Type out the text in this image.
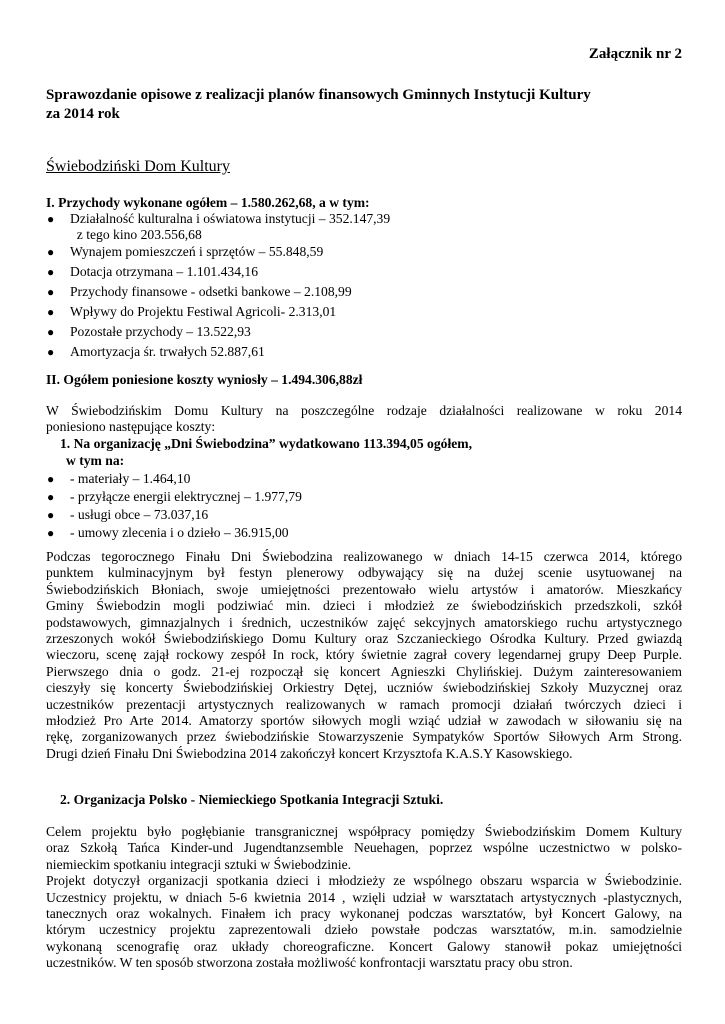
Załącznik nr 2
Sprawozdanie opisowe z realizacji planów finansowych Gminnych Instytucji Kultury
za 2014 rok
Świebodziński Dom Kultury
I. Przychody wykonane ogółem – 1.580.262,68, a w tym:
● Działalność kulturalna i oświatowa instytucji – 352.147,39
z tego kino 203.556,68
● Wynajem pomieszczeń i sprzętów – 55.848,59
● Dotacja otrzymana – 1.101.434,16
● Przychody finansowe - odsetki bankowe – 2.108,99
● Wpływy do Projektu Festiwal Agricoli- 2.313,01
● Pozostałe przychody – 13.522,93
● Amortyzacja śr. trwałych 52.887,61
II. Ogółem poniesione koszty wyniosły – 1.494.306,88zł
W Świebodzińskim Domu Kultury na poszczególne rodzaje działalności realizowane w roku 2014
poniesiono następujące koszty:
1. Na organizację „Dni Świebodzina” wydatkowano 113.394,05 ogółem,
w tym na:
● - materiały – 1.464,10
● - przyłącze energii elektrycznej – 1.977,79
● - usługi obce – 73.037,16
● - umowy zlecenia i o dzieło – 36.915,00
Podczas tegorocznego Finału Dni Świebodzina realizowanego w dniach 14-15 czerwca 2014, którego
punktem kulminacyjnym był festyn plenerowy odbywający się na dużej scenie usytuowanej na
Świebodzińskich Błoniach, swoje umiejętności prezentowało wielu artystów i amatorów. Mieszkańcy
Gminy Świebodzin mogli podziwiać min. dzieci i młodzież ze świebodzińskich przedszkoli, szkół
podstawowych, gimnazjalnych i średnich, uczestników zajęć sekcyjnych amatorskiego ruchu artystycznego
zrzeszonych wokół Świebodzińskiego Domu Kultury oraz Szczanieckiego Ośrodka Kultury. Przed gwiazdą
wieczoru, scenę zajął rockowy zespół In rock, który świetnie zagrał covery legendarnej grupy Deep Purple.
Pierwszego dnia o godz. 21-ej rozpoczął się koncert Agnieszki Chylińskiej. Dużym zainteresowaniem
cieszyły się koncerty Świebodzińskiej Orkiestry Dętej, uczniów świebodzińskiej Szkoły Muzycznej oraz
uczestników prezentacji artystycznych realizowanych w ramach promocji działań twórczych dzieci i
młodzież Pro Arte 2014. Amatorzy sportów siłowych mogli wziąć udział w zawodach w siłowaniu się na
rękę, zorganizowanych przez świebodzińskie Stowarzyszenie Sympatyków Sportów Siłowych Arm Strong.
Drugi dzień Finału Dni Świebodzina 2014 zakończył koncert Krzysztofa K.A.S.Y Kasowskiego.
2. Organizacja Polsko - Niemieckiego Spotkania Integracji Sztuki.
Celem projektu było pogłębianie transgranicznej współpracy pomiędzy Świebodzińskim Domem Kultury
oraz Szkołą Tańca Kinder-und Jugendtanzsemble Neuehagen, poprzez wspólne uczestnictwo w polsko-
niemieckim spotkaniu integracji sztuki w Świebodzinie.
Projekt dotyczył organizacji spotkania dzieci i młodzieży ze wspólnego obszaru wsparcia w Świebodzinie.
Uczestnicy projektu, w dniach 5-6 kwietnia 2014 , wzięli udział w warsztatach artystycznych -plastycznych,
tanecznych oraz wokalnych. Finałem ich pracy wykonanej podczas warsztatów, był Koncert Galowy, na
którym uczestnicy projektu zaprezentowali dzieło powstałe podczas warsztatów, m.in. samodzielnie
wykonaną scenografię oraz układy choreograficzne. Koncert Galowy stanowił pokaz umiejętności
uczestników. W ten sposób stworzona została możliwość konfrontacji warsztatu pracy obu stron.
